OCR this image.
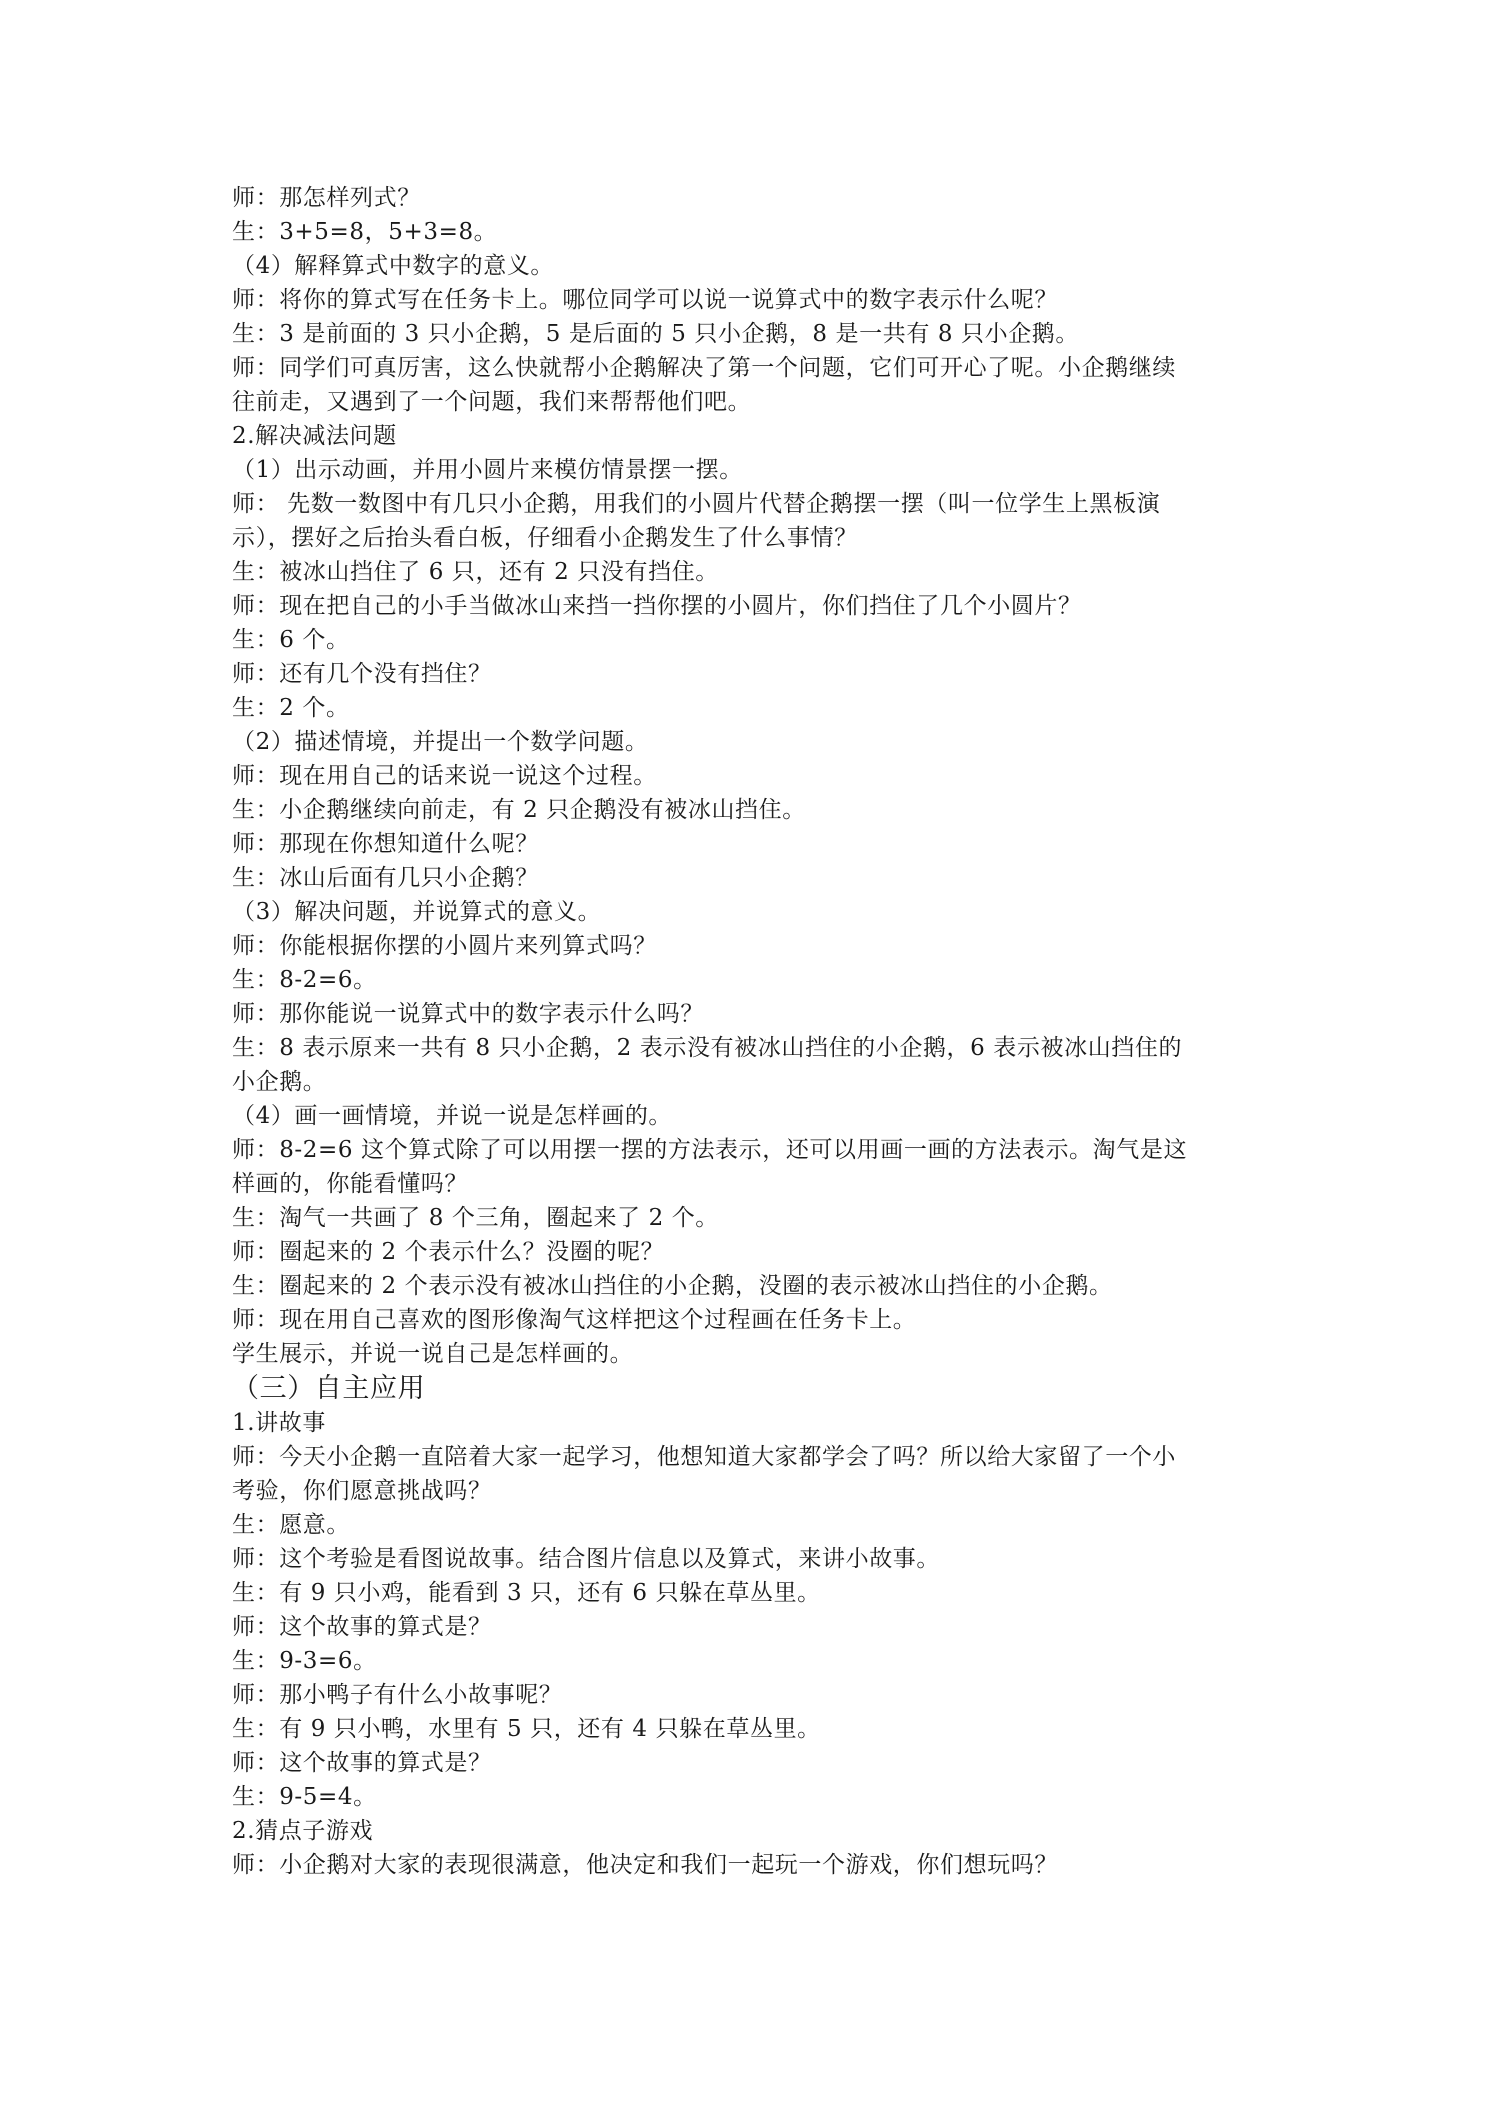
师：那怎样列式？
生：3+5=8，5+3=8。
（4）解释算式中数字的意义。
师：将你的算式写在任务卡上。哪位同学可以说一说算式中的数字表示什么呢？
生：3 是前面的 3 只小企鹅，5 是后面的 5 只小企鹅，8 是一共有 8 只小企鹅。
师：同学们可真厉害，这么快就帮小企鹅解决了第一个问题，它们可开心了呢。小企鹅继续
往前走，又遇到了一个问题，我们来帮帮他们吧。
2.解决减法问题
（1）出示动画，并用小圆片来模仿情景摆一摆。
师： 先数一数图中有几只小企鹅，用我们的小圆片代替企鹅摆一摆（叫一位学生上黑板演
示），摆好之后抬头看白板，仔细看小企鹅发生了什么事情？
生：被冰山挡住了 6 只，还有 2 只没有挡住。
师：现在把自己的小手当做冰山来挡一挡你摆的小圆片，你们挡住了几个小圆片？
生：6 个。
师：还有几个没有挡住？
生：2 个。
（2）描述情境，并提出一个数学问题。
师：现在用自己的话来说一说这个过程。
生：小企鹅继续向前走，有 2 只企鹅没有被冰山挡住。
师：那现在你想知道什么呢？
生：冰山后面有几只小企鹅？
（3）解决问题，并说算式的意义。
师：你能根据你摆的小圆片来列算式吗？
生：8-2=6。
师：那你能说一说算式中的数字表示什么吗？
生：8 表示原来一共有 8 只小企鹅，2 表示没有被冰山挡住的小企鹅，6 表示被冰山挡住的
小企鹅。
（4）画一画情境，并说一说是怎样画的。
师：8-2=6 这个算式除了可以用摆一摆的方法表示，还可以用画一画的方法表示。淘气是这
样画的，你能看懂吗？
生：淘气一共画了 8 个三角，圈起来了 2 个。
师：圈起来的 2 个表示什么？没圈的呢？
生：圈起来的 2 个表示没有被冰山挡住的小企鹅，没圈的表示被冰山挡住的小企鹅。
师：现在用自己喜欢的图形像淘气这样把这个过程画在任务卡上。
学生展示，并说一说自己是怎样画的。
（三）自主应用
1.讲故事
师：今天小企鹅一直陪着大家一起学习，他想知道大家都学会了吗？所以给大家留了一个小
考验，你们愿意挑战吗？
生：愿意。
师：这个考验是看图说故事。结合图片信息以及算式，来讲小故事。
生：有 9 只小鸡，能看到 3 只，还有 6 只躲在草丛里。
师：这个故事的算式是？
生：9-3=6。
师：那小鸭子有什么小故事呢？
生：有 9 只小鸭，水里有 5 只，还有 4 只躲在草丛里。
师：这个故事的算式是？
生：9-5=4。
2.猜点子游戏
师：小企鹅对大家的表现很满意，他决定和我们一起玩一个游戏，你们想玩吗？
